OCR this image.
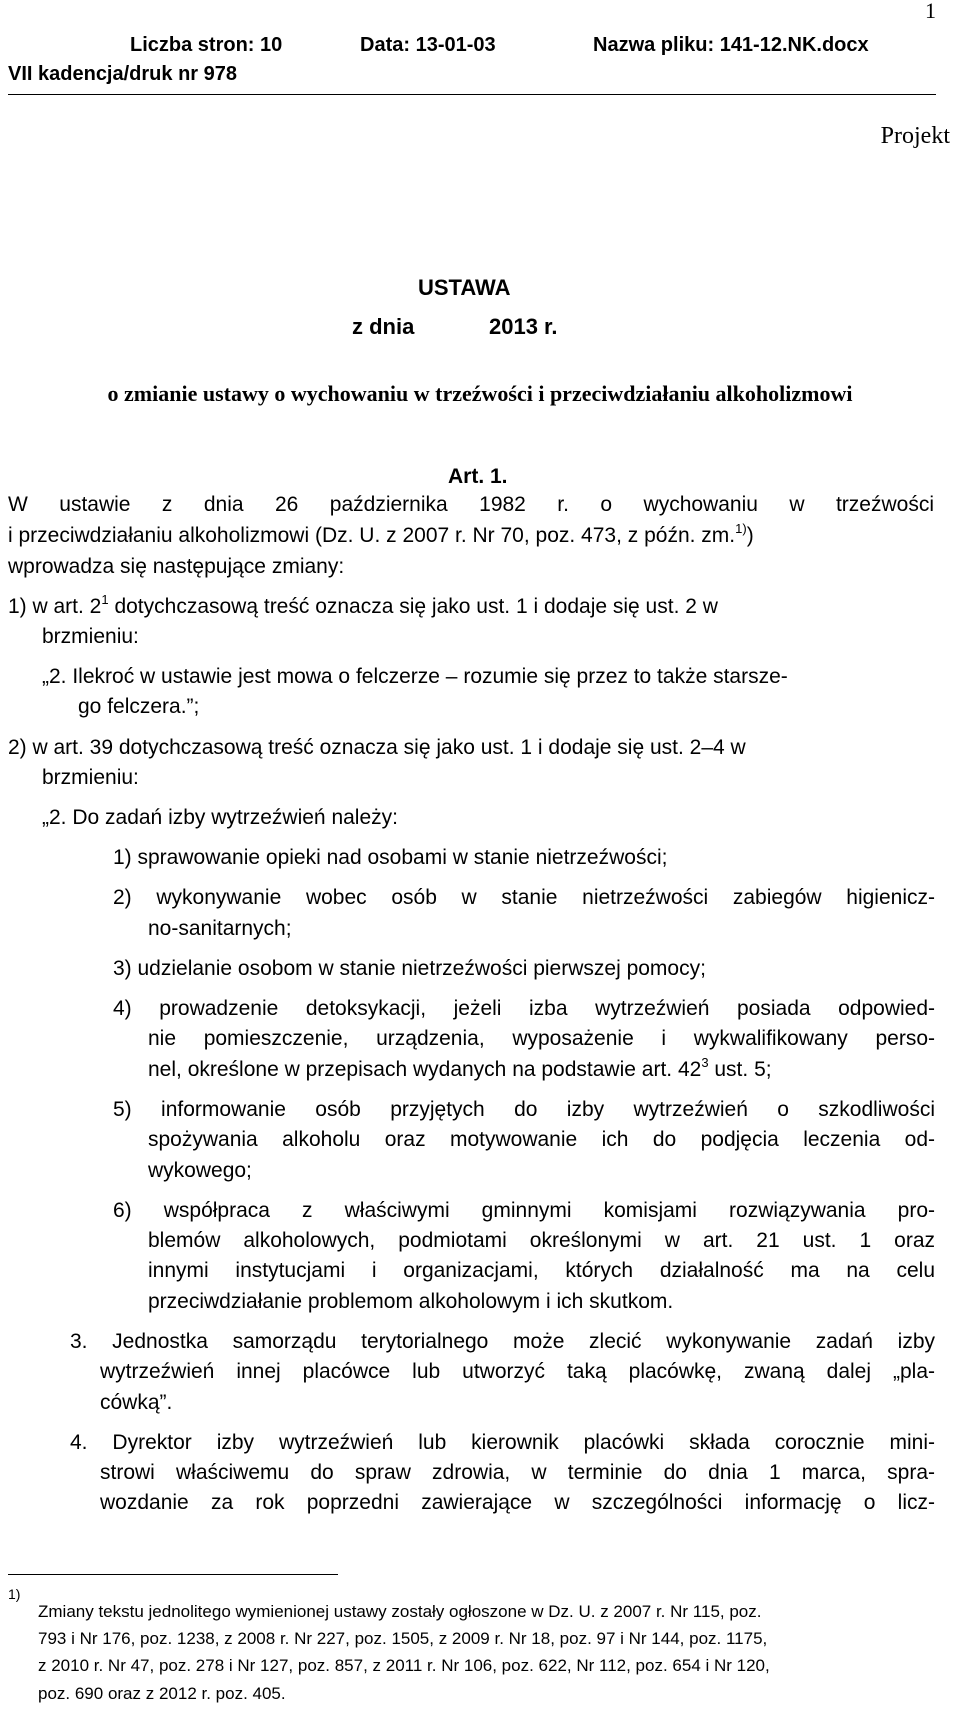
Liczba stron: 10	Data: 13-01-03	Nazwa pliku: 141-12.NK.docx
VII kadencja/druk nr 978
1
Projekt
USTAWA
z dnia	2013 r.
o zmianie ustawy o wychowaniu w trzeźwości i przeciwdziałaniu alkoholizmowi
Art. 1.
W ustawie z dnia 26 października 1982 r. o wychowaniu w trzeźwości
i przeciwdziałaniu alkoholizmowi (Dz. U. z 2007 r. Nr 70, poz. 473, z późn. zm.$^{1)}$)
wprowadza się następujące zmiany:
1) w art. $2^1$ dotychczasową treść oznacza się jako ust. 1 i dodaje się ust. 2 w
brzmieniu:
„2. Ilekroć w ustawie jest mowa o felczerze – rozumie się przez to także starsze-
go felczera.”;
2) w art. 39 dotychczasową treść oznacza się jako ust. 1 i dodaje się ust. 2–4 w
brzmieniu:
„2. Do zadań izby wytrzeźwień należy:
1) sprawowanie opieki nad osobami w stanie nietrzeźwości;
2) wykonywanie wobec osób w stanie nietrzeźwości zabiegów higienicz-
no-sanitarnych;
3) udzielanie osobom w stanie nietrzeźwości pierwszej pomocy;
4) prowadzenie detoksykacji, jeżeli izba wytrzeźwień posiada odpowied-
nie pomieszczenie, urządzenia, wyposażenie i wykwalifikowany perso-
nel, określone w przepisach wydanych na podstawie art. $42^3$ ust. 5;
5) informowanie osób przyjętych do izby wytrzeźwień o szkodliwości
spożywania alkoholu oraz motywowanie ich do podjęcia leczenia od-
wykowego;
6) współpraca z właściwymi gminnymi komisjami rozwiązywania pro-
blemów alkoholowych, podmiotami określonymi w art. 21 ust. 1 oraz
innymi instytucjami i organizacjami, których działalność ma na celu
przeciwdziałanie problemom alkoholowym i ich skutkom.
3. Jednostka samorządu terytorialnego może zlecić wykonywanie zadań izby
wytrzeźwień innej placówce lub utworzyć taką placówkę, zwaną dalej „pla-
cówką”.
4. Dyrektor izby wytrzeźwień lub kierownik placówki składa corocznie mini-
strowi właściwemu do spraw zdrowia, w terminie do dnia 1 marca, spra-
wozdanie za rok poprzedni zawierające w szczególności informację o licz-
1)
Zmiany tekstu jednolitego wymienionej ustawy zostały ogłoszone w Dz. U. z 2007 r. Nr 115, poz.
793 i Nr 176, poz. 1238, z 2008 r. Nr 227, poz. 1505, z 2009 r. Nr 18, poz. 97 i Nr 144, poz. 1175,
z 2010 r. Nr 47, poz. 278 i Nr 127, poz. 857, z 2011 r. Nr 106, poz. 622, Nr 112, poz. 654 i Nr 120,
poz. 690 oraz z 2012 r. poz. 405.
